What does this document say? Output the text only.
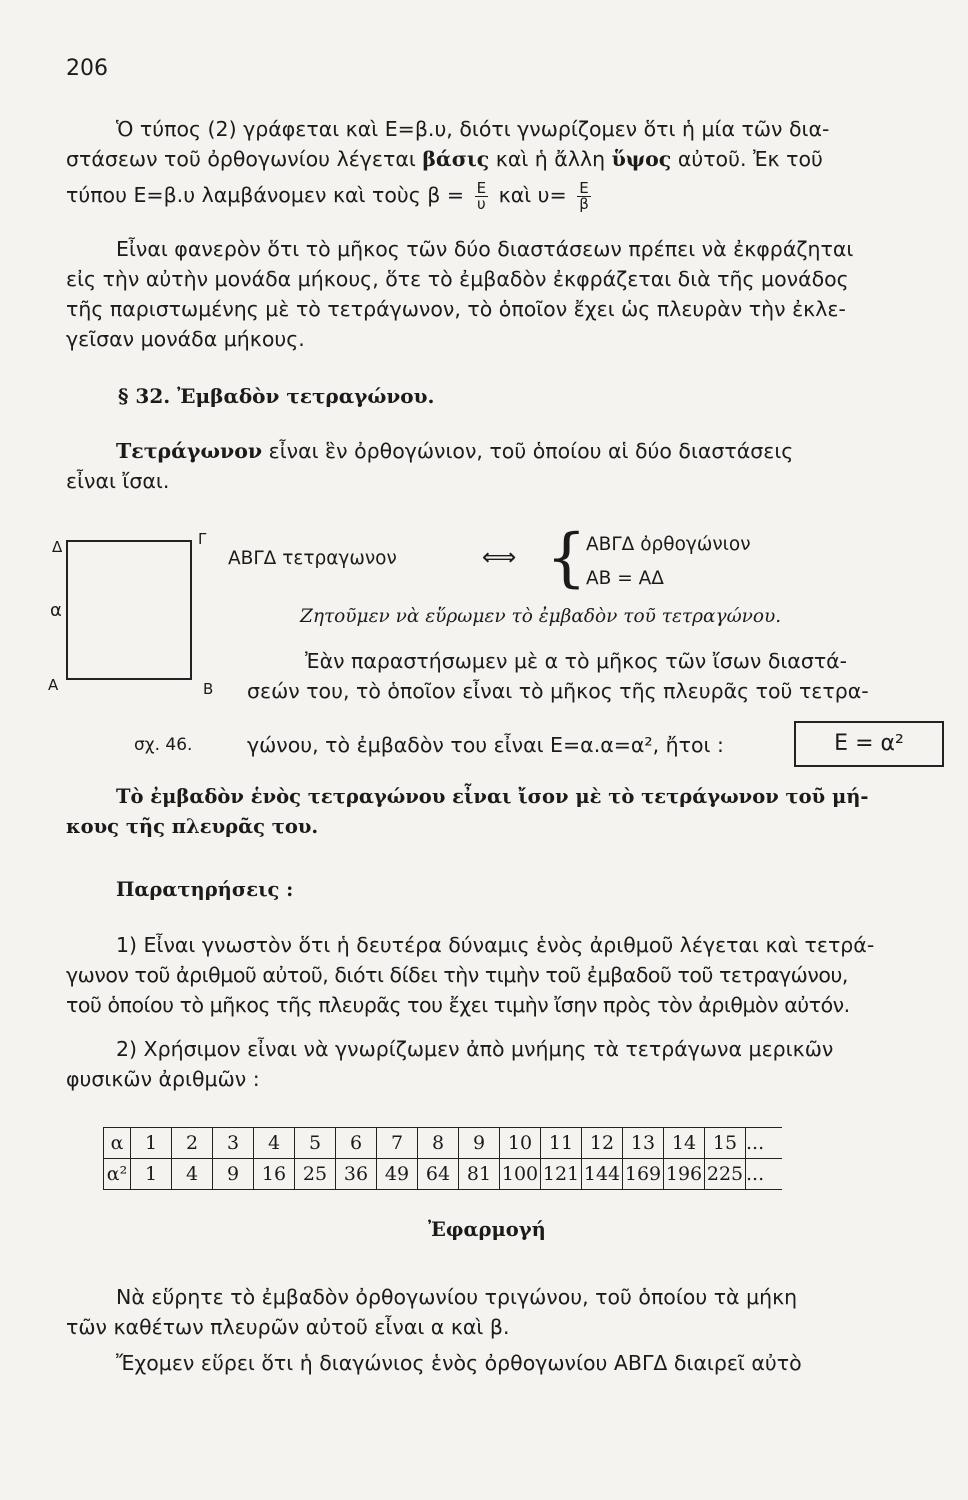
206
Ὁ τύπος (2) γράφεται καὶ Ε=β.υ, διότι γνωρίζομεν ὅτι ἡ μία τῶν δια-
στάσεων τοῦ ὀρθογωνίου λέγεται βάσις καὶ ἡ ἄλλη ὕψος αὐτοῦ. Ἐκ τοῦ
τύπου Ε=β.υ λαμβάνομεν καὶ τοὺς $\beta = \frac{E}{\upsilon}$ καὶ $\upsilon= \frac{E}{\beta}$
Εἶναι φανερὸν ὅτι τὸ μῆκος τῶν δύο διαστάσεων πρέπει νὰ ἐκφράζηται
εἰς τὴν αὐτὴν μονάδα μήκους, ὅτε τὸ ἐμβαδὸν ἐκφράζεται διὰ τῆς μονάδος
τῆς παριστωμένης μὲ τὸ τετράγωνον, τὸ ὁποῖον ἔχει ὡς πλευρὰν τὴν ἐκλε-
γεῖσαν μονάδα μήκους.
§ 32. Ἐμβαδὸν τετραγώνου.
Τετράγωνον εἶναι ἓν ὀρθογώνιον, τοῦ ὁποίου αἱ δύο διαστάσεις
εἶναι ἴσαι.
Δ	Γ
Α	Β
α
σχ. 46.
ΑΒΓΔ τετραγωνον	⟺ { ΑΒΓΔ ὀρθογώνιον
ΑΒ = ΑΔ
Ζητοῦμεν νὰ εὕρωμεν τὸ ἐμβαδὸν τοῦ τετραγώνου.
Ἐὰν παραστήσωμεν μὲ α τὸ μῆκος τῶν ἴσων διαστά-
σεών του, τὸ ὁποῖον εἶναι τὸ μῆκος τῆς πλευρᾶς τοῦ τετρα-
γώνου, τὸ ἐμβαδὸν του εἶναι Ε=α.α=α², ἤτοι :	Ε = α²
Τὸ ἐμβαδὸν ἑνὸς τετραγώνου εἶναι ἴσον μὲ τὸ τετράγωνον τοῦ μή-
κους τῆς πλευρᾶς του.
Παρατηρήσεις :
1) Εἶναι γνωστὸν ὅτι ἡ δευτέρα δύναμις ἑνὸς ἀριθμοῦ λέγεται καὶ τετρά-
γωνον τοῦ ἀριθμοῦ αὐτοῦ, διότι δίδει τὴν τιμὴν τοῦ ἐμβαδοῦ τοῦ τετραγώνου,
τοῦ ὁποίου τὸ μῆκος τῆς πλευρᾶς του ἔχει τιμὴν ἴσην πρὸς τὸν ἀριθμὸν αὐτόν.
2) Χρήσιμον εἶναι νὰ γνωρίζωμεν ἀπὸ μνήμης τὰ τετράγωνα μερικῶν
φυσικῶν ἀριθμῶν :
α	1	2	3	4	5	6	7	8	9	10	11	12	13	14	15	...
α²	1	4	9	16	25	36	49	64	81	100	121	144	169	196	225	...
Ἐφαρμογή
Νὰ εὕρητε τὸ ἐμβαδὸν ὀρθογωνίου τριγώνου, τοῦ ὁποίου τὰ μήκη
τῶν καθέτων πλευρῶν αὐτοῦ εἶναι α καὶ β.
Ἔχομεν εὕρει ὅτι ἡ διαγώνιος ἑνὸς ὀρθογωνίου ΑΒΓΔ διαιρεῖ αὐτὸ
